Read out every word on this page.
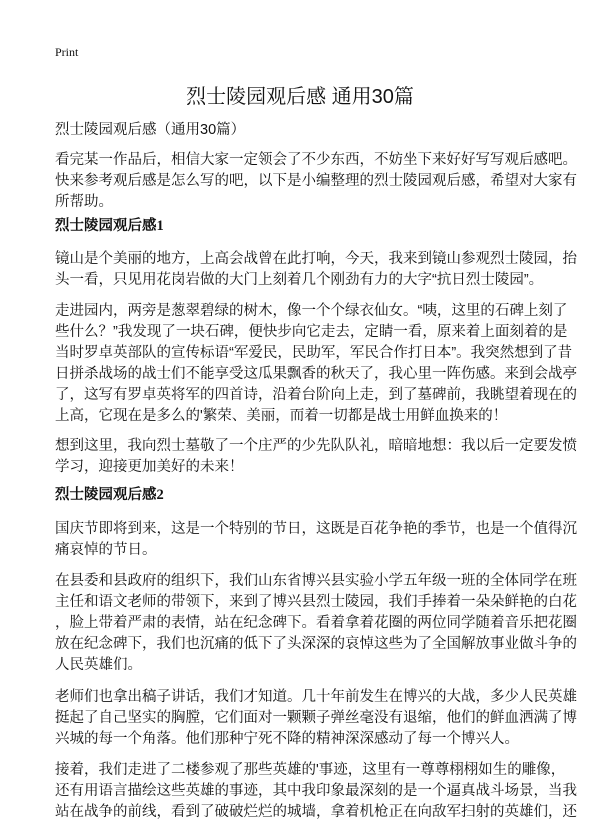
Print
烈士陵园观后感 通用30篇
烈士陵园观后感（通用30篇）
看完某一作品后，相信大家一定领会了不少东西，不妨坐下来好好写写观后感吧。
快来参考观后感是怎么写的吧，以下是小编整理的烈士陵园观后感，希望对大家有
所帮助。
烈士陵园观后感1
镜山是个美丽的地方，上高会战曾在此打响，今天，我来到镜山参观烈士陵园，抬
头一看，只见用花岗岩做的大门上刻着几个刚劲有力的大字“抗日烈士陵园”。
走进园内，两旁是葱翠碧绿的树木，像一个个绿衣仙女。“咦，这里的石碑上刻了
些什么？”我发现了一块石碑，便快步向它走去，定睛一看，原来着上面刻着的是
当时罗卓英部队的宣传标语“军爱民，民助军，军民合作打日本”。我突然想到了昔
日拼杀战场的战士们不能享受这瓜果飘香的秋天了，我心里一阵伤感。来到会战亭
了，这写有罗卓英将军的四首诗，沿着台阶向上走，到了墓碑前，我眺望着现在的
上高，它现在是多么的'繁荣、美丽，而着一切都是战士用鲜血换来的！
想到这里，我向烈士墓敬了一个庄严的少先队队礼，暗暗地想：我以后一定要发愤
学习，迎接更加美好的未来！
烈士陵园观后感2
国庆节即将到来，这是一个特别的节日，这既是百花争艳的季节，也是一个值得沉
痛哀悼的节日。
在县委和县政府的组织下，我们山东省博兴县实验小学五年级一班的全体同学在班
主任和语文老师的带领下，来到了博兴县烈士陵园，我们手捧着一朵朵鲜艳的白花
，脸上带着严肃的表情，站在纪念碑下。看着拿着花圈的两位同学随着音乐把花圈
放在纪念碑下，我们也沉痛的低下了头深深的哀悼这些为了全国解放事业做斗争的
人民英雄们。
老师们也拿出稿子讲话，我们才知道。几十年前发生在博兴的大战，多少人民英雄
挺起了自己坚实的胸膛，它们面对一颗颗子弹丝毫没有退缩，他们的鲜血洒满了博
兴城的每一个角落。他们那种宁死不降的精神深深感动了每一个博兴人。
接着，我们走进了二楼参观了那些英雄的'事迹，这里有一尊尊栩栩如生的雕像，
还有用语言描绘这些英雄的事迹，其中我印象最深刻的是一个逼真战斗场景，当我
站在战争的前线，看到了破破烂烂的城墙，拿着机枪正在向敌军扫射的英雄们，还
